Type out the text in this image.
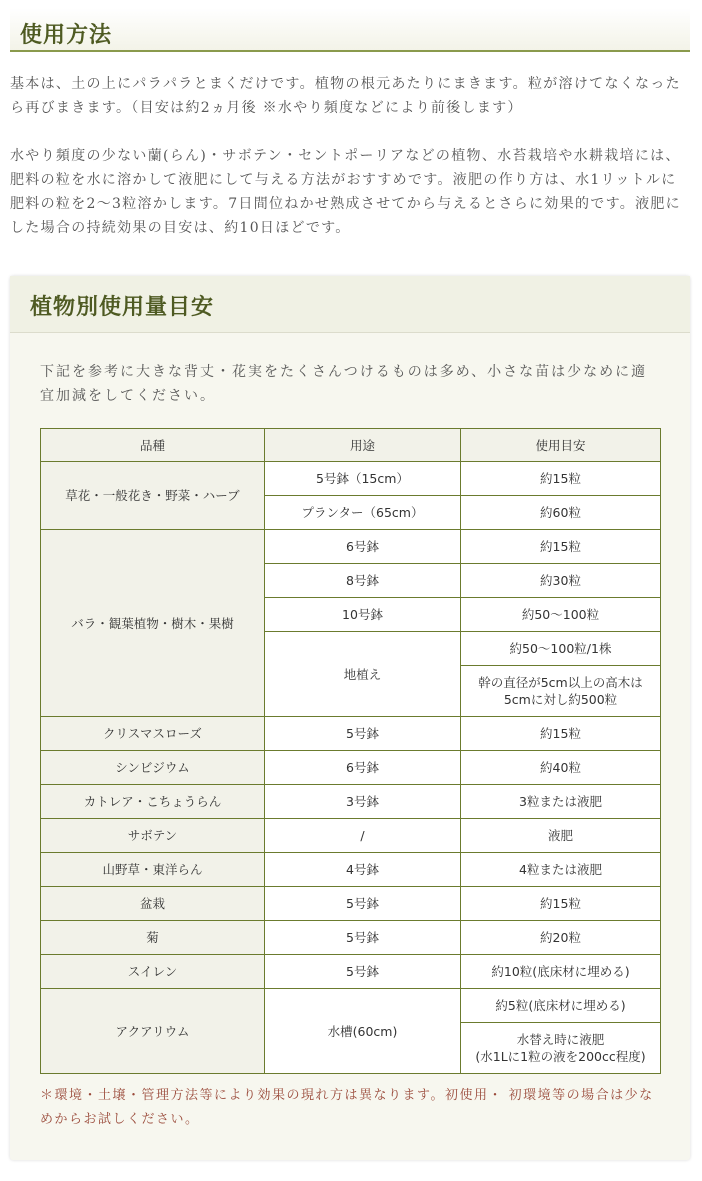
使用方法
基本は、土の上にパラパラとまくだけです。植物の根元あたりにまきます。粒が溶けてなくなったら再びまきます。（目安は約2ヵ月後 ※水やり頻度などにより前後します）
水やり頻度の少ない蘭(らん)・サボテン・セントポーリアなどの植物、水苔栽培や水耕栽培には、肥料の粒を水に溶かして液肥にして与える方法がおすすめです。液肥の作り方は、水1リットルに肥料の粒を2〜3粒溶かします。7日間位ねかせ熟成させてから与えるとさらに効果的です。液肥にした場合の持続効果の目安は、約10日ほどです。
植物別使用量目安
下記を参考に大きな背丈・花実をたくさんつけるものは多め、小さな苗は少なめに適宜加減をしてください。
品種	用途	使用目安
草花・一般花き・野菜・ハーブ	5号鉢（15cm）	約15粒
	プランター（65cm）	約60粒
バラ・観葉植物・樹木・果樹	6号鉢	約15粒
	8号鉢	約30粒
	10号鉢	約50〜100粒
	地植え	約50〜100粒/1株
		幹の直径が5cm以上の高木は
5cmに対し約500粒
クリスマスローズ	5号鉢	約15粒
シンビジウム	6号鉢	約40粒
カトレア・こちょうらん	3号鉢	3粒または液肥
サボテン	/	液肥
山野草・東洋らん	4号鉢	4粒または液肥
盆栽	5号鉢	約15粒
菊	5号鉢	約20粒
スイレン	5号鉢	約10粒(底床材に埋める)
アクアリウム	水槽(60cm)	約5粒(底床材に埋める)
		水替え時に液肥
(水1Lに1粒の液を200cc程度)
＊環境・土壌・管理方法等により効果の現れ方は異なります。初使用・ 初環境等の場合は少なめからお試しください。
